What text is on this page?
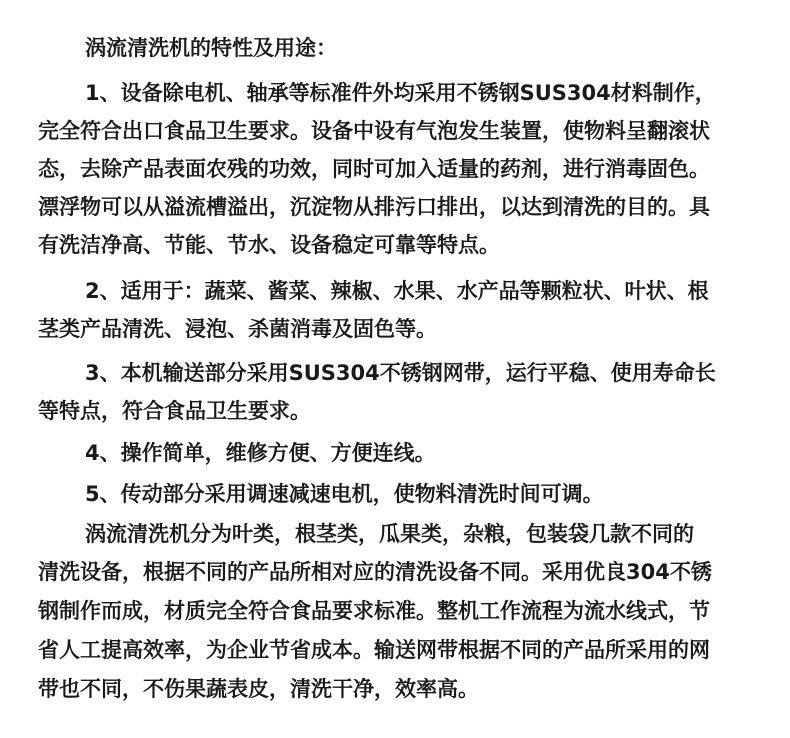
涡流清洗机的特性及用途：
1、设备除电机、轴承等标准件外均采用不锈钢SUS304材料制作，
完全符合出口食品卫生要求。设备中设有气泡发生装置，使物料呈翻滚状
态，去除产品表面农残的功效，同时可加入适量的药剂，进行消毒固色。
漂浮物可以从溢流槽溢出，沉淀物从排污口排出，以达到清洗的目的。具
有洗洁净高、节能、节水、设备稳定可靠等特点。
2、适用于：蔬菜、酱菜、辣椒、水果、水产品等颗粒状、叶状、根
茎类产品清洗、浸泡、杀菌消毒及固色等。
3、本机输送部分采用SUS304不锈钢网带，运行平稳、使用寿命长
等特点，符合食品卫生要求。
4、操作简单，维修方便、方便连线。
5、传动部分采用调速减速电机，使物料清洗时间可调。
涡流清洗机分为叶类，根茎类，瓜果类，杂粮，包装袋几款不同的
清洗设备，根据不同的产品所相对应的清洗设备不同。采用优良304不锈
钢制作而成，材质完全符合食品要求标准。整机工作流程为流水线式，节
省人工提高效率，为企业节省成本。输送网带根据不同的产品所采用的网
带也不同，不伤果蔬表皮，清洗干净，效率高。
